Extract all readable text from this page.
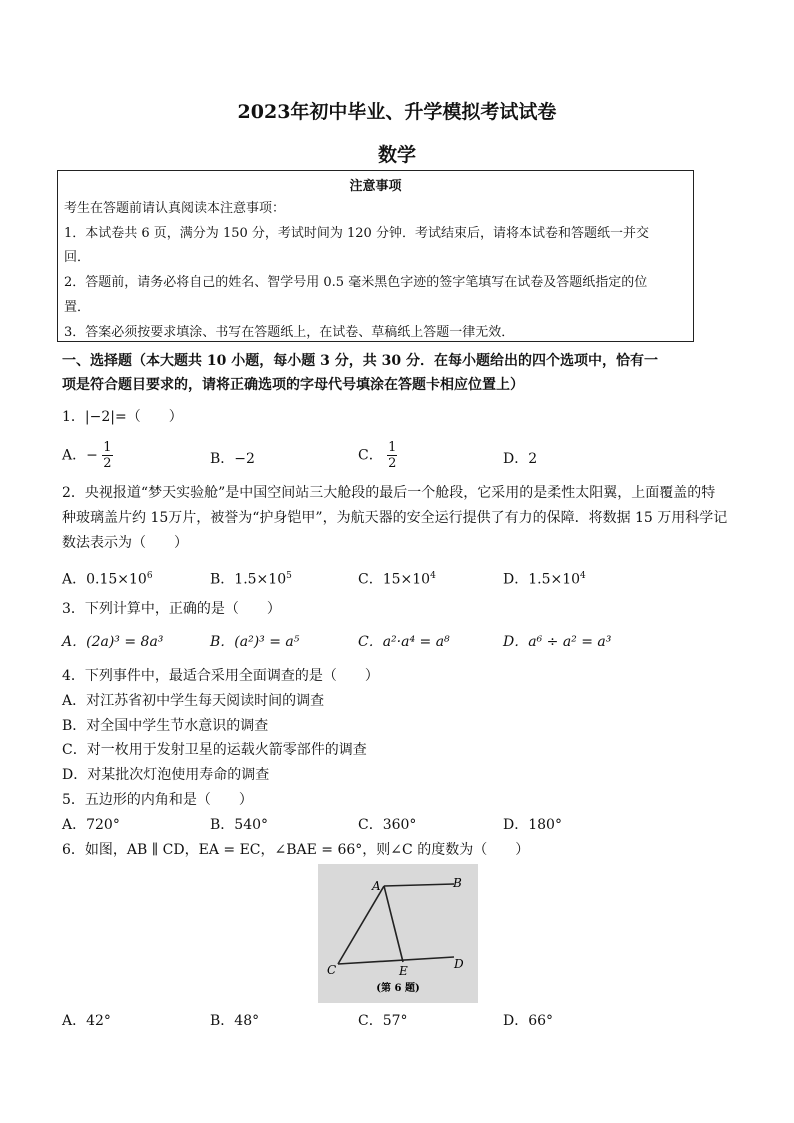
2023年初中毕业、升学模拟考试试卷
数学
注意事项
考生在答题前请认真阅读本注意事项：
1．本试卷共 6 页，满分为 150 分，考试时间为 120 分钟．考试结束后，请将本试卷和答题纸一并交
回．
2．答题前，请务必将自己的姓名、智学号用 0.5 毫米黑色字迹的签字笔填写在试卷及答题纸指定的位
置．
3．答案必须按要求填涂、书写在答题纸上，在试卷、草稿纸上答题一律无效．
一、选择题（本大题共 10 小题，每小题 3 分，共 30 分．在每小题给出的四个选项中，恰有一
项是符合题目要求的，请将正确选项的字母代号填涂在答题卡相应位置上）
1．|−2|=（　　）
A．− $\frac{1}{2}$	B．−2	C． $\frac{1}{2}$	D．2
2．央视报道“梦天实验舱”是中国空间站三大舱段的最后一个舱段，它采用的是柔性太阳翼，上面覆盖的特
种玻璃盖片约 15万片，被誉为“护身铠甲”，为航天器的安全运行提供了有力的保障．将数据 15 万用科学记
数法表示为（　　）
A．$0.15\times 10^6$	B．$1.5\times 10^5$	C．$15\times 10^4$	D．$1.5\times 10^4$
3．下列计算中，正确的是（　　）
A．(2a)³ = 8a³	B．(a²)³ = a⁵	C．a²·a⁴ = a⁸	D．a⁶ ÷ a² = a³
4．下列事件中，最适合采用全面调查的是（　　）
A．对江苏省初中学生每天阅读时间的调查
B．对全国中学生节水意识的调查
C．对一枚用于发射卫星的运载火箭零部件的调查
D．对某批次灯泡使用寿命的调查
5．五边形的内角和是（　　）
A．720°	B．540°	C．360°	D．180°
6．如图，AB ∥ CD，EA = EC，∠BAE = 66°，则∠C 的度数为（　　）
A	B
C	E	D
(第 6 题)
A．42°	B．48°	C．57°	D．66°
